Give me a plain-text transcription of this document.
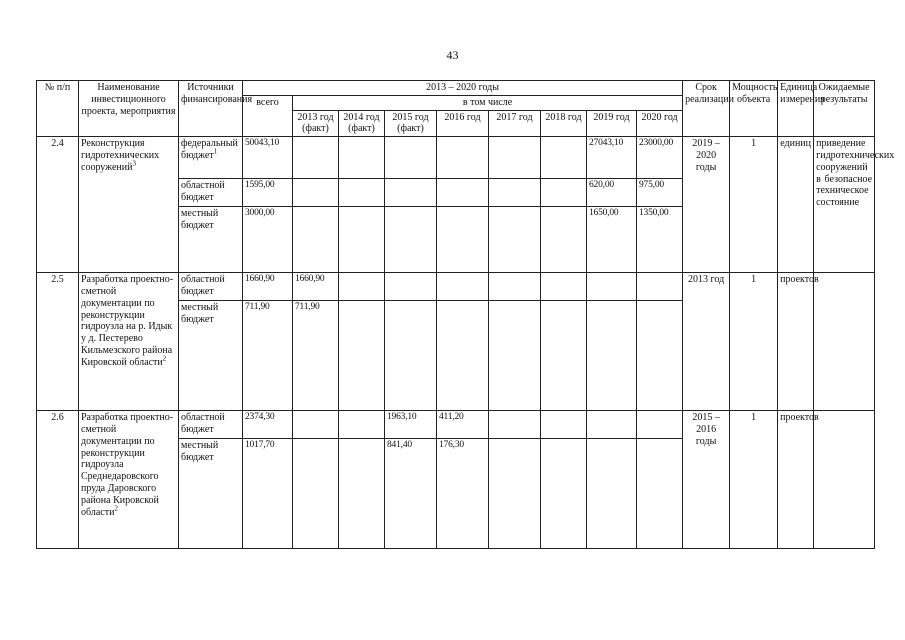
43
№ п/п	Наименование инвестиционного проекта, мероприятия	Источники финансирования	2013 – 2020 годы									Срок реализации	Мощность объекта	Единица измерения	Ожидаемые результаты
			всего	в том числе											
				2013 год (факт)	2014 год (факт)	2015 год (факт)	2016 год	2017 год	2018 год	2019 год	2020 год				
2.4	Реконструкция гидротехнических сооружений$^3$	федеральный бюджет$^1$	50043,10							27043,10	23000,00	2019 – 2020 годы	1	единиц	приведение гидротехнических сооружений в безопасное техническое состояние
		областной бюджет	1595,00							620,00	975,00				
		местный бюджет	3000,00							1650,00	1350,00				
2.5	Разработка проектно-сметной документации по реконструкции гидроузла на р. Идык у д. Пестерево Кильмезского района Кировской области$^2$	областной бюджет	1660,90	1660,90								2013 год	1	проектов	
		местный бюджет	711,90	711,90											
2.6	Разработка проектно-сметной документации по реконструкции гидроузла Среднедаровского пруда Даровского района Кировской области$^2$	областной бюджет	2374,30			1963,10	411,20					2015 – 2016 годы	1	проектов	
		местный бюджет	1017,70			841,40	176,30								
